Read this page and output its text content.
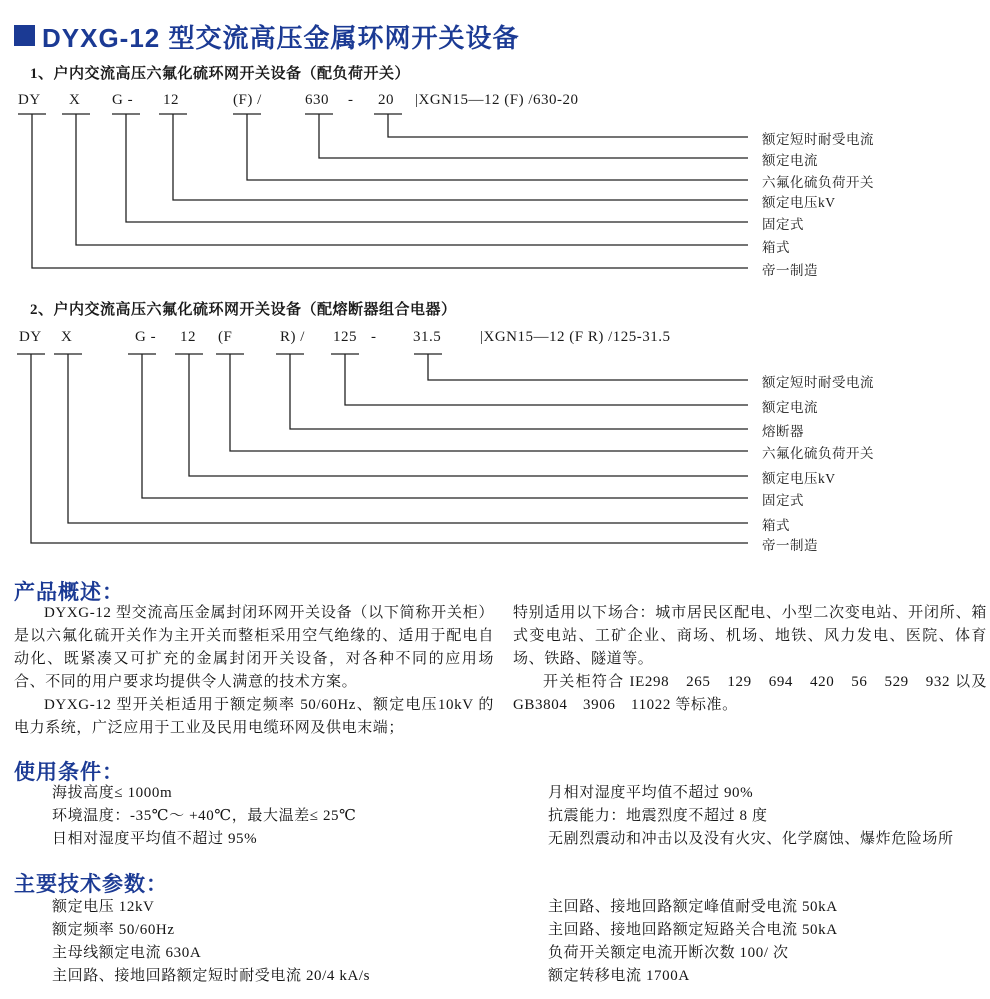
DYXG-12 型交流高压金属环网开关设备
1、户内交流高压六氟化硫环网开关设备（配负荷开关）
DY X G - 12	(F) /	630 - 20 |XGN15—12 (F) /630-20
额定短时耐受电流
额定电流
六氟化硫负荷开关
额定电压kV
固定式
箱式
帝一制造
2、户内交流高压六氟化硫环网开关设备（配熔断器组合电器）
DY X	G - 12 (F	R) / 125 - 31.5	|XGN15—12 (F R) /125-31.5
额定短时耐受电流
额定电流
熔断器
六氟化硫负荷开关
额定电压kV
固定式
箱式
帝一制造
产品概述：

DYXG-12 型交流高压金属封闭环网开关设备（以下简称开关柜）是以六氟化硫开关作为主开关而整柜采用空气绝缘的、适用于配电自动化、既紧凑又可扩充的金属封闭开关设备，对各种不同的应用场合、不同的用户要求均提供令人满意的技术方案。

DYXG-12 型开关柜适用于额定频率 50/60Hz、额定电压10kV 的电力系统，广泛应用于工业及民用电缆环网及供电末端；

特别适用以下场合：城市居民区配电、小型二次变电站、开闭所、箱式变电站、工矿企业、商场、机场、地铁、风力发电、医院、体育场、铁路、隧道等。

开关柜符合 IE298　265　129　694　420　56　529　932 以及 GB3804　3906　11022 等标准。

使用条件：
海拔高度≤ 1000m
环境温度：-35℃～ +40℃，最大温差≤ 25℃
日相对湿度平均值不超过 95%
月相对湿度平均值不超过 90%
抗震能力：地震烈度不超过 8 度
无剧烈震动和冲击以及没有火灾、化学腐蚀、爆炸危险场所
主要技术参数：
额定电压 12kV
额定频率 50/60Hz
主母线额定电流 630A
主回路、接地回路额定短时耐受电流 20/4 kA/s
主回路、接地回路额定峰值耐受电流 50kA
主回路、接地回路额定短路关合电流 50kA
负荷开关额定电流开断次数 100/ 次
额定转移电流 1700A
